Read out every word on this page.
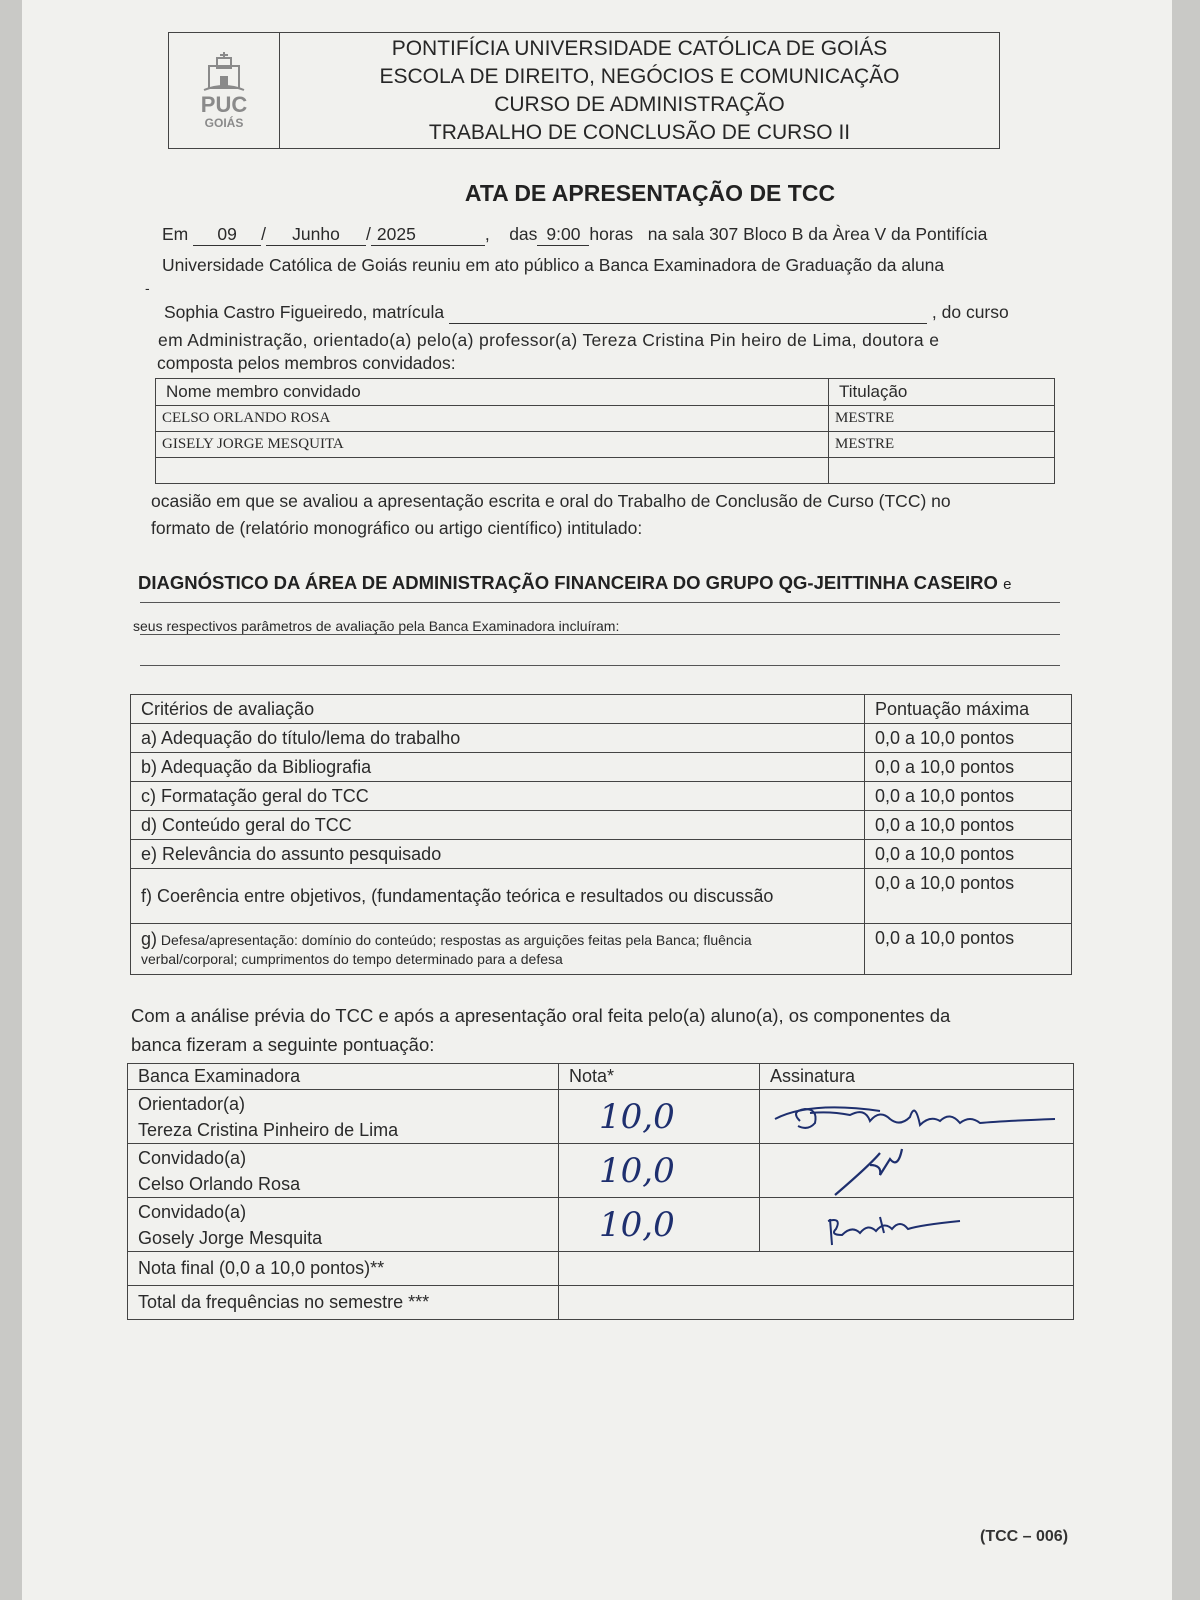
PUC
GOIÁS
PONTIFÍCIA UNIVERSIDADE CATÓLICA DE GOIÁS
ESCOLA DE DIREITO, NEGÓCIOS E COMUNICAÇÃO
CURSO DE ADMINISTRAÇÃO
TRABALHO DE CONCLUSÃO DE CURSO II
ATA DE APRESENTAÇÃO DE TCC
Em 09 / Junho / 2025	,    das 9:00 horas na sala 307 Bloco B da Àrea V da Pontifícia
Universidade Católica de Goiás reuniu em ato público a Banca Examinadora de Graduação da aluna
-
Sophia Castro Figueiredo, matrícula	, do curso
em Administração, orientado(a) pelo(a) professor(a) Tereza Cristina Pin heiro de Lima, doutora e
composta pelos membros convidados:
Nome membro convidado	Titulação
CELSO ORLANDO ROSA	MESTRE
GISELY JORGE MESQUITA	MESTRE

ocasião em que se avaliou a apresentação escrita e oral do Trabalho de Conclusão de Curso (TCC) no
formato de (relatório monográfico ou artigo científico) intitulado:
DIAGNÓSTICO DA ÁREA DE ADMINISTRAÇÃO FINANCEIRA DO GRUPO QG-JEITTINHA CASEIRO e
seus respectivos parâmetros de avaliação pela Banca Examinadora incluíram:
Critérios de avaliação	Pontuação máxima
a) Adequação do título/lema do trabalho	0,0 a 10,0 pontos
b) Adequação da Bibliografia	0,0 a 10,0 pontos
c) Formatação geral do TCC	0,0 a 10,0 pontos
d) Conteúdo geral do TCC	0,0 a 10,0 pontos
e) Relevância do assunto pesquisado	0,0 a 10,0 pontos
f) Coerência entre objetivos, (fundamentação teórica e resultados ou discussão	0,0 a 10,0 pontos
g) Defesa/apresentação: domínio do conteúdo; respostas as arguições feitas pela Banca; fluência verbal/corporal; cumprimentos do tempo determinado para a defesa	0,0 a 10,0 pontos
Com a análise prévia do TCC e após a apresentação oral feita pelo(a) aluno(a), os componentes da
banca fizeram a seguinte pontuação:
Banca Examinadora	Nota*	Assinatura

Orientador(a)
Tereza Cristina Pinheiro de Lima	10,0	

Convidado(a)
Celso Orlando Rosa	10,0	

Convidado(a)
Gosely Jorge Mesquita	10,0	

Nota final (0,0 a 10,0 pontos)**		
Total da frequências no semestre ***		
(TCC – 006)
